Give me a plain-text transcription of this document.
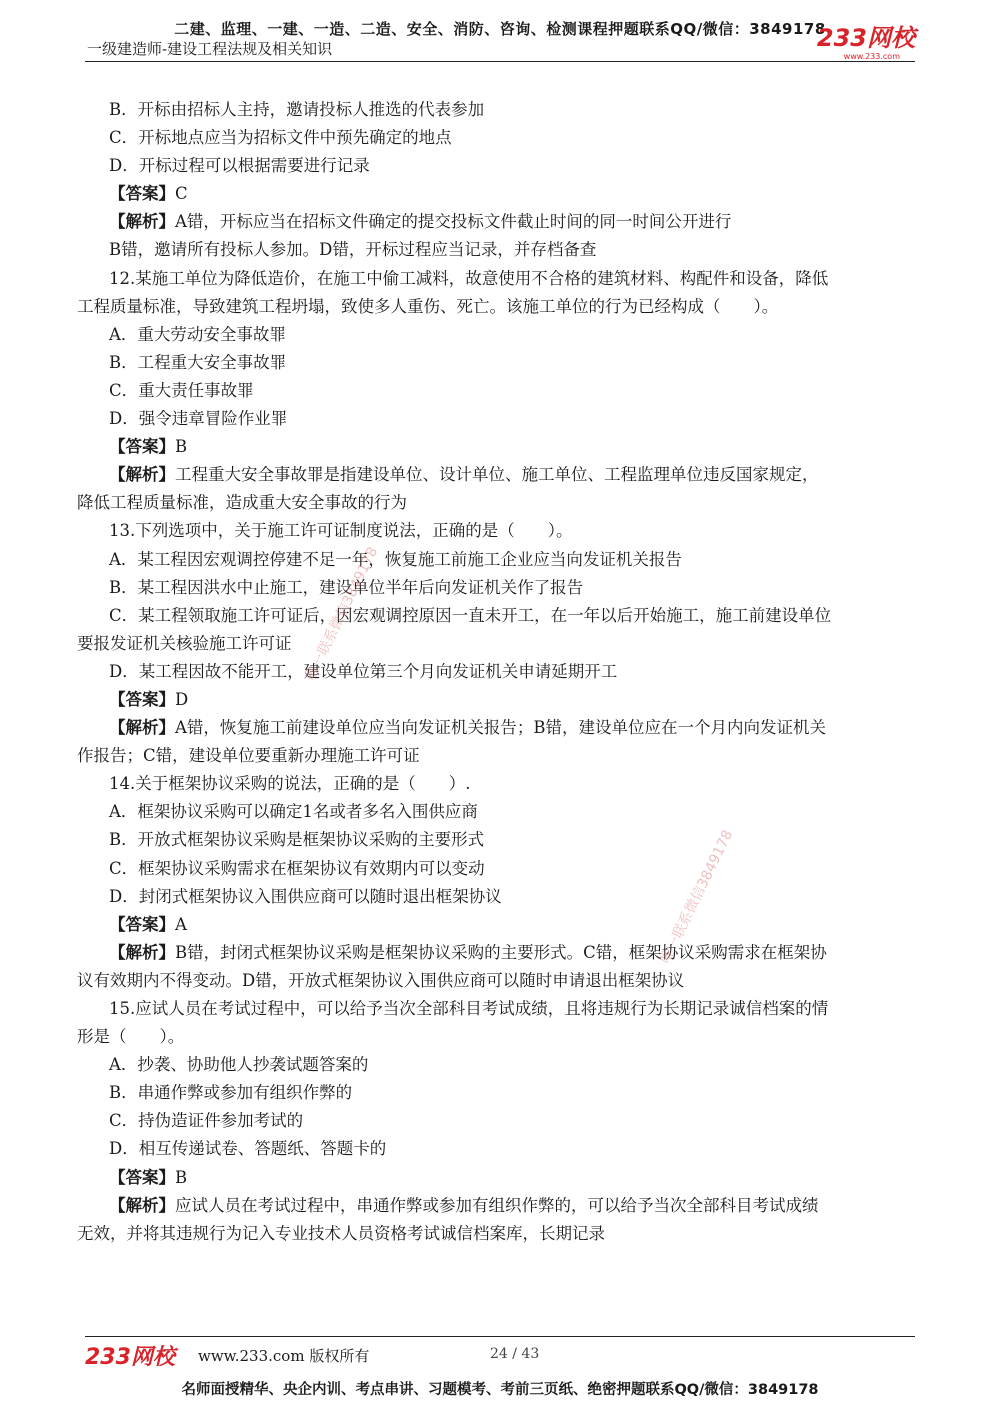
二建、监理、一建、一造、二造、安全、消防、咨询、检测课程押题联系QQ/微信：3849178
一级建造师-建设工程法规及相关知识	233网校
www.233.com
B．开标由招标人主持，邀请投标人推选的代表参加
C．开标地点应当为招标文件中预先确定的地点
D．开标过程可以根据需要进行记录
【答案】C
【解析】A错，开标应当在招标文件确定的提交投标文件截止时间的同一时间公开进行
B错，邀请所有投标人参加。D错，开标过程应当记录，并存档备查
12.某施工单位为降低造价，在施工中偷工减料，故意使用不合格的建筑材料、构配件和设备，降低
工程质量标准，导致建筑工程坍塌，致使多人重伤、死亡。该施工单位的行为已经构成（　　）。
A．重大劳动安全事故罪
B．工程重大安全事故罪
C．重大责任事故罪
D．强令违章冒险作业罪
【答案】B
【解析】工程重大安全事故罪是指建设单位、设计单位、施工单位、工程监理单位违反国家规定，
降低工程质量标准，造成重大安全事故的行为
13.下列选项中，关于施工许可证制度说法，正确的是（　　）。
A．某工程因宏观调控停建不足一年，恢复施工前施工企业应当向发证机关报告
B．某工程因洪水中止施工，建设单位半年后向发证机关作了报告
C．某工程领取施工许可证后，因宏观调控原因一直未开工，在一年以后开始施工，施工前建设单位
要报发证机关核验施工许可证
D．某工程因故不能开工，建设单位第三个月向发证机关申请延期开工
【答案】D
【解析】A错，恢复施工前建设单位应当向发证机关报告；B错，建设单位应在一个月内向发证机关
作报告；C错，建设单位要重新办理施工许可证
14.关于框架协议采购的说法，正确的是（　　）.
A．框架协议采购可以确定1名或者多名入围供应商
B．开放式框架协议采购是框架协议采购的主要形式
C．框架协议采购需求在框架协议有效期内可以变动
D．封闭式框架协议入围供应商可以随时退出框架协议
【答案】A
【解析】B错，封闭式框架协议采购是框架协议采购的主要形式。C错，框架协议采购需求在框架协
议有效期内不得变动。D错，开放式框架协议入围供应商可以随时申请退出框架协议
15.应试人员在考试过程中，可以给予当次全部科目考试成绩，且将违规行为长期记录诚信档案的情
形是（　　）。
A．抄袭、协助他人抄袭试题答案的
B．串通作弊或参加有组织作弊的
C．持伪造证件参加考试的
D．相互传递试卷、答题纸、答题卡的
【答案】B
【解析】应试人员在考试过程中，串通作弊或参加有组织作弊的，可以给予当次全部科目考试成绩
无效，并将其违规行为记入专业技术人员资格考试诚信档案库，长期记录
唯一联系微信3849178
唯一联系微信3849178
233网校 www.233.com 版权所有	24 / 43
名师面授精华、央企内训、考点串讲、习题模考、考前三页纸、绝密押题联系QQ/微信：3849178
